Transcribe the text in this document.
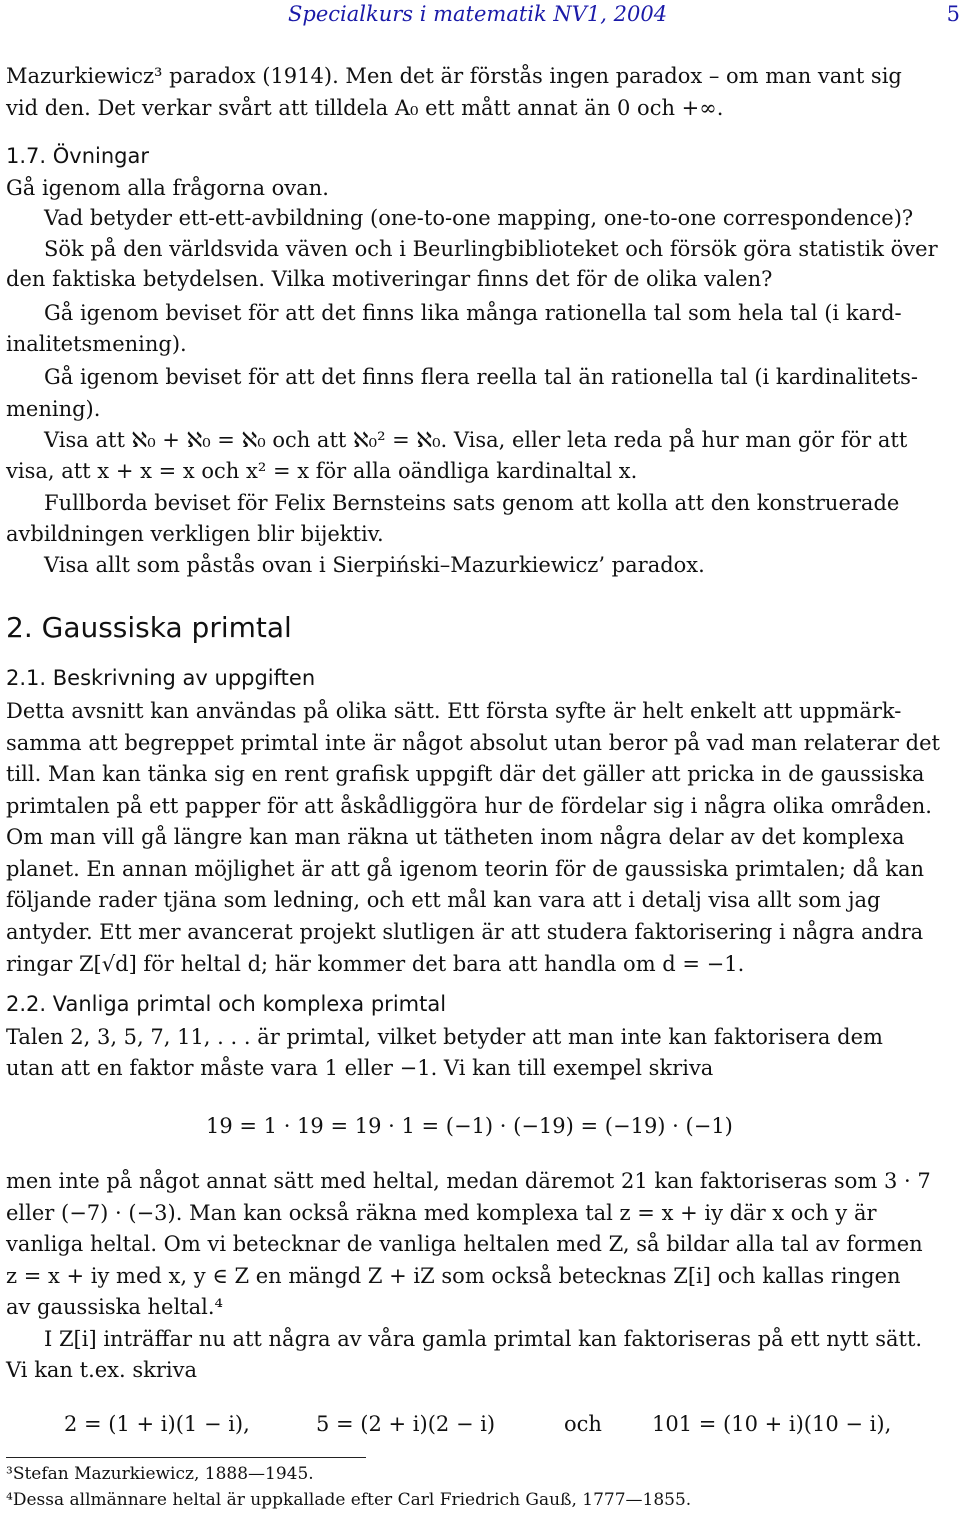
Specialkurs i matematik NV1, 2004	5
Mazurkiewicz³ paradox (1914). Men det är förstås ingen paradox – om man vant sig
vid den. Det verkar svårt att tilldela A₀ ett mått annat än 0 och +∞.
1.7. Övningar
Gå igenom alla frågorna ovan.
Vad betyder ett-ett-avbildning (one-to-one mapping, one-to-one correspondence)?
Sök på den världsvida väven och i Beurlingbiblioteket och försök göra statistik över
den faktiska betydelsen. Vilka motiveringar finns det för de olika valen?
Gå igenom beviset för att det finns lika många rationella tal som hela tal (i kard-
inalitetsmening).
Gå igenom beviset för att det finns flera reella tal än rationella tal (i kardinalitets-
mening).
Visa att ℵ₀ + ℵ₀ = ℵ₀ och att ℵ₀² = ℵ₀. Visa, eller leta reda på hur man gör för att
visa, att x + x = x och x² = x för alla oändliga kardinaltal x.
Fullborda beviset för Felix Bernsteins sats genom att kolla att den konstruerade
avbildningen verkligen blir bijektiv.
Visa allt som påstås ovan i Sierpiński–Mazurkiewicz’ paradox.
2. Gaussiska primtal
2.1. Beskrivning av uppgiften
Detta avsnitt kan användas på olika sätt. Ett första syfte är helt enkelt att uppmärk-
samma att begreppet primtal inte är något absolut utan beror på vad man relaterar det
till. Man kan tänka sig en rent grafisk uppgift där det gäller att pricka in de gaussiska
primtalen på ett papper för att åskådliggöra hur de fördelar sig i några olika områden.
Om man vill gå längre kan man räkna ut tätheten inom några delar av det komplexa
planet. En annan möjlighet är att gå igenom teorin för de gaussiska primtalen; då kan
följande rader tjäna som ledning, och ett mål kan vara att i detalj visa allt som jag
antyder. Ett mer avancerat projekt slutligen är att studera faktorisering i några andra
ringar Z[√d] för heltal d; här kommer det bara att handla om d = −1.
2.2. Vanliga primtal och komplexa primtal
Talen 2, 3, 5, 7, 11, . . . är primtal, vilket betyder att man inte kan faktorisera dem
utan att en faktor måste vara 1 eller −1. Vi kan till exempel skriva
19 = 1 · 19 = 19 · 1 = (−1) · (−19) = (−19) · (−1)
men inte på något annat sätt med heltal, medan däremot 21 kan faktoriseras som 3 · 7
eller (−7) · (−3). Man kan också räkna med komplexa tal z = x + iy där x och y är
vanliga heltal. Om vi betecknar de vanliga heltalen med Z, så bildar alla tal av formen
z = x + iy med x, y ∈ Z en mängd Z + iZ som också betecknas Z[i] och kallas ringen
av gaussiska heltal.⁴
I Z[i] inträffar nu att några av våra gamla primtal kan faktoriseras på ett nytt sätt.
Vi kan t.ex. skriva
2 = (1 + i)(1 − i),	5 = (2 + i)(2 − i)	och 101 = (10 + i)(10 − i),
³Stefan Mazurkiewicz, 1888—1945.
⁴Dessa allmännare heltal är uppkallade efter Carl Friedrich Gauß, 1777—1855.
